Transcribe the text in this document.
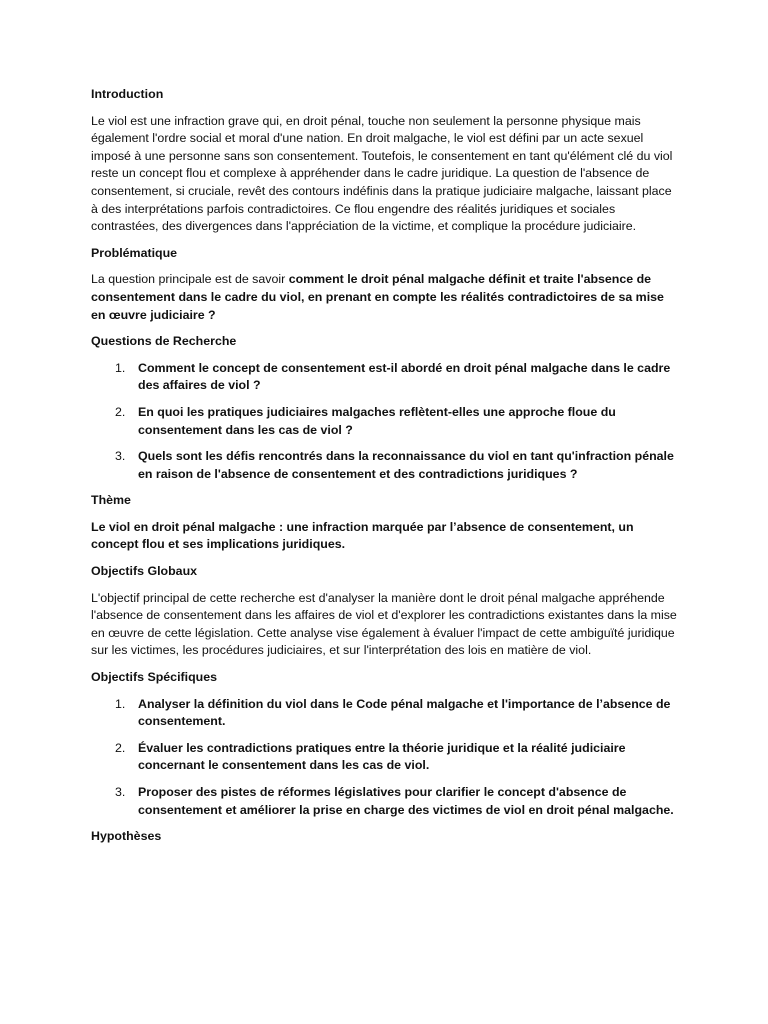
Introduction
Le viol est une infraction grave qui, en droit pénal, touche non seulement la personne physique mais également l'ordre social et moral d'une nation. En droit malgache, le viol est défini par un acte sexuel imposé à une personne sans son consentement. Toutefois, le consentement en tant qu'élément clé du viol reste un concept flou et complexe à appréhender dans le cadre juridique. La question de l'absence de consentement, si cruciale, revêt des contours indéfinis dans la pratique judiciaire malgache, laissant place à des interprétations parfois contradictoires. Ce flou engendre des réalités juridiques et sociales contrastées, des divergences dans l'appréciation de la victime, et complique la procédure judiciaire.
Problématique
La question principale est de savoir comment le droit pénal malgache définit et traite l'absence de consentement dans le cadre du viol, en prenant en compte les réalités contradictoires de sa mise en œuvre judiciaire ?
Questions de Recherche
1. Comment le concept de consentement est-il abordé en droit pénal malgache dans le cadre des affaires de viol ?
2. En quoi les pratiques judiciaires malgaches reflètent-elles une approche floue du consentement dans les cas de viol ?
3. Quels sont les défis rencontrés dans la reconnaissance du viol en tant qu'infraction pénale en raison de l'absence de consentement et des contradictions juridiques ?
Thème
Le viol en droit pénal malgache : une infraction marquée par l’absence de consentement, un concept flou et ses implications juridiques.
Objectifs Globaux
L'objectif principal de cette recherche est d'analyser la manière dont le droit pénal malgache appréhende l'absence de consentement dans les affaires de viol et d'explorer les contradictions existantes dans la mise en œuvre de cette législation. Cette analyse vise également à évaluer l'impact de cette ambiguïté juridique sur les victimes, les procédures judiciaires, et sur l'interprétation des lois en matière de viol.
Objectifs Spécifiques
1. Analyser la définition du viol dans le Code pénal malgache et l'importance de l’absence de consentement.
2. Évaluer les contradictions pratiques entre la théorie juridique et la réalité judiciaire concernant le consentement dans les cas de viol.
3. Proposer des pistes de réformes législatives pour clarifier le concept d'absence de consentement et améliorer la prise en charge des victimes de viol en droit pénal malgache.
Hypothèses
